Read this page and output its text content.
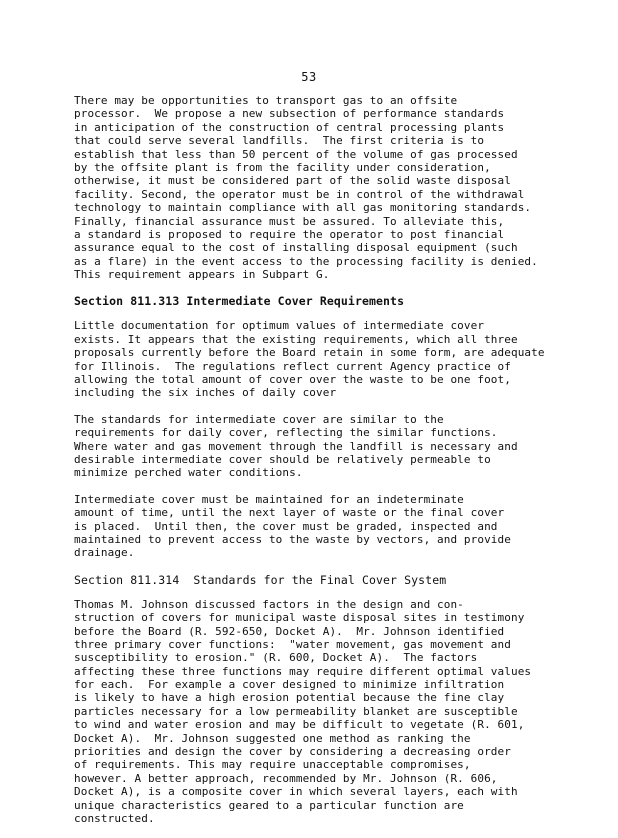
53
There may be opportunities to transport gas to an offsite
processor.  We propose a new subsection of performance standards
in anticipation of the construction of central processing plants
that could serve several landfills.  The first criteria is to
establish that less than 50 percent of the volume of gas processed
by the offsite plant is from the facility under consideration,
otherwise, it must be considered part of the solid waste disposal
facility. Second, the operator must be in control of the withdrawal
technology to maintain compliance with all gas monitoring standards.
Finally, financial assurance must be assured. To alleviate this,
a standard is proposed to require the operator to post financial
assurance equal to the cost of installing disposal equipment (such
as a flare) in the event access to the processing facility is denied.
This requirement appears in Subpart G.
Section 811.313 Intermediate Cover Requirements
Little documentation for optimum values of intermediate cover
exists. It appears that the existing requirements, which all three
proposals currently before the Board retain in some form, are adequate
for Illinois.  The regulations reflect current Agency practice of
allowing the total amount of cover over the waste to be one foot,
including the six inches of daily cover
The standards for intermediate cover are similar to the
requirements for daily cover, reflecting the similar functions.
Where water and gas movement through the landfill is necessary and
desirable intermediate cover should be relatively permeable to
minimize perched water conditions.
Intermediate cover must be maintained for an indeterminate
amount of time, until the next layer of waste or the final cover
is placed.  Until then, the cover must be graded, inspected and
maintained to prevent access to the waste by vectors, and provide
drainage.
Section 811.314  Standards for the Final Cover System
Thomas M. Johnson discussed factors in the design and con-
struction of covers for municipal waste disposal sites in testimony
before the Board (R. 592-650, Docket A).  Mr. Johnson identified
three primary cover functions:  "water movement, gas movement and
susceptibility to erosion." (R. 600, Docket A).  The factors
affecting these three functions may require different optimal values
for each.  For example a cover designed to minimize infiltration
is likely to have a high erosion potential because the fine clay
particles necessary for a low permeability blanket are susceptible
to wind and water erosion and may be difficult to vegetate (R. 601,
Docket A).  Mr. Johnson suggested one method as ranking the
priorities and design the cover by considering a decreasing order
of requirements. This may require unacceptable compromises,
however. A better approach, recommended by Mr. Johnson (R. 606,
Docket A), is a composite cover in which several layers, each with
unique characteristics geared to a particular function are
constructed.
